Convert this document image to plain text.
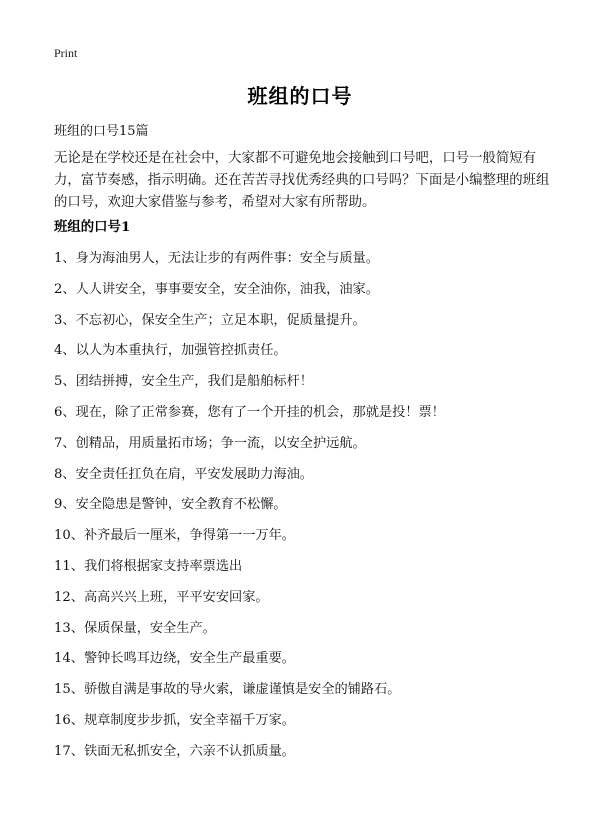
Print
班组的口号
班组的口号15篇
无论是在学校还是在社会中，大家都不可避免地会接触到口号吧，口号一般简短有力，富节奏感，指示明确。还在苦苦寻找优秀经典的口号吗？下面是小编整理的班组的口号，欢迎大家借鉴与参考，希望对大家有所帮助。
班组的口号1
1、身为海油男人，无法让步的有两件事：安全与质量。
2、人人讲安全，事事要安全，安全油你，油我，油家。
3、不忘初心，保安全生产；立足本职，促质量提升。
4、以人为本重执行，加强管控抓责任。
5、团结拼搏，安全生产，我们是船舶标杆！
6、现在，除了正常参赛，您有了一个开挂的机会，那就是投！票！
7、创精品，用质量拓市场；争一流，以安全护远航。
8、安全责任扛负在肩，平安发展助力海油。
9、安全隐患是警钟，安全教育不松懈。
10、补齐最后一厘米，争得第一一万年。
11、我们将根据家支持率票选出
12、高高兴兴上班，平平安安回家。
13、保质保量，安全生产。
14、警钟长鸣耳边绕，安全生产最重要。
15、骄傲自满是事故的导火索，谦虚谨慎是安全的铺路石。
16、规章制度步步抓，安全幸福千万家。
17、铁面无私抓安全，六亲不认抓质量。
